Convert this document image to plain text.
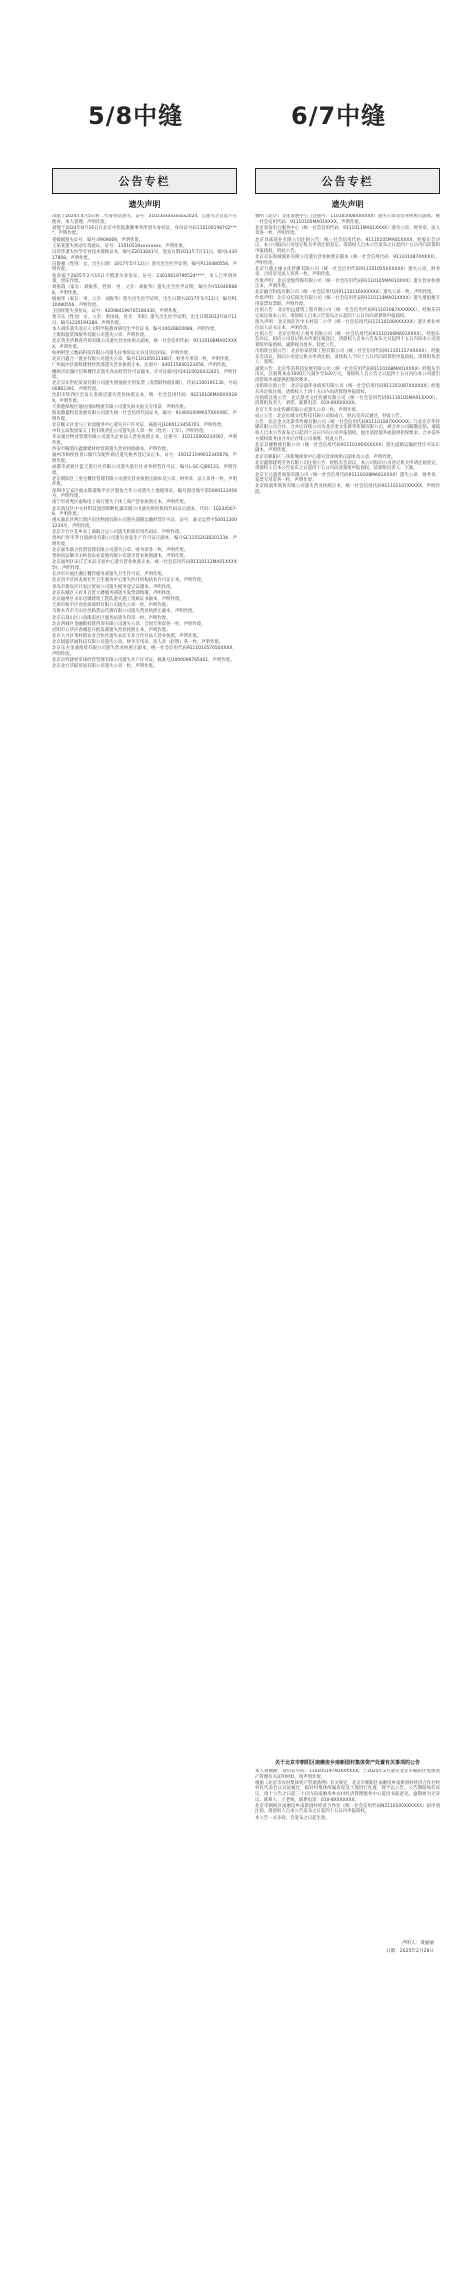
5/8中缝	6/7中缝
公告专栏
遗失声明

田晶于2024年4月5日将二代身份证遗失，证号：310230xxxxxxxx2024，自遗失之日起不在使用，本人管理，声明作废。

刘建于2024年8月16日在北京中医院康顺事务所遗失身份证，身份证号码110106198702****，声明作废。

姜媛媛遗失证号：编号:0909069，声明作废。

王某某遗失机动车驾驶证，证号：11010519xxxxxxxx，声明作废。

冯伟华遗失医学专业技术资格证书，编号Z2013041号，签发日期2013年7月11日，编号L43017808，声明作废。

冯俊强（性别：女，出生日期：2017年5月12日）遗失出生医学证明，编号P110480556，声明作废。

张春霞于2025年2月15日不慎遗失身份证，证号：23010619790524****，本人已申请补领，原证作废。

刘振霞（家长：刘振伟，性别：男，父亲：刘振华）遗失出生医学证明，编号为Y110406888，声明作废。

杨丽华（家长：男，父亲：刘振华）遗失出生医学证明，出生日期为2017年5月12日，编号P110480556，声明作废。

王国祥遗失身份证，证号：420984199705184430，声明作废。

黄卫东（性别：女，父亲：黄国成，母亲：李娟）遗失出生医学证明，出生日期2012年8月11日，编号L230194384，声明作废。

本人胡洋遗失北京人文科学院教育研究生学位证书，编号10028820088，声明作废。

上海海盈装饰服务有限公司遗失公章，声明作废。

北京英杰华教育咨询有限公司遗失营业执照正副本，统一社会信用代码：91110108MA01XXXX，声明作废。

杭州阿里云数码科技有限公司遗失民事诉讼文书及送达回证，声明作废。

北京百鑫合一置业有限公司遗失公章，编号1101050313867，财务专用章一枚，声明作废。

广州南沙区新辉建材经营部遗失营业执照正本，注册号：440115600123456，声明作废。

郴州市北湖区信和餐饮店遗失食品经营许可证副本，许可证编号JY24310020432421，声明作废。

北京京东世纪贸易有限公司遗失增值税专用发票（发票联和抵扣联），代码1100191130，号码00862391，声明作废。

沈阳市铁西区宏发五金商店遗失营业执照正本，统一社会信用代码：92210106MA0XXX28X，声明作废。

天津港保税区通达国际物流有限公司遗失海关报关专用章，声明作废。

海南鼎盛科技发展有限公司遗失统一社会信用代码证书，编号：91460100MA5TXXXX8C，声明作废。

北京顺义区金马工业园服务中心遗失开户许可证，核准号J1000123456701，声明作废。

中铁五局集团第五工程有限责任公司遗失法人章一枚（姓名：王军），声明作废。

华安福达物业管理有限公司遗失企业法人营业执照正本，注册号：310115000234567，声明作废。

西安市雁塔区鑫源建材经营部遗失营业执照副本，声明作废。

福州市闽侯县青口镇汽车配件商店遗失税务登记证正本，证号：350121199012345678，声明作废。

成都市武侯区蓝天旅行社有限公司遗失旅行社业务经营许可证，编号L-SC-CJ00123，声明作废。

北京朝阳区三里屯餐饮管理有限公司遗失营业执照正副本及公章、财务章、法人章各一枚，声明作废。

深圳市宝安区福永街道和平社区股份合作公司遗失土地使用证，编号深房地字第5000123456号，声明作废。

南宁市青秀区嘉和电子商行遗失个体工商户营业执照正本，声明作废。

北京海淀区中关村科技园创新孵化器有限公司遗失组织机构代码证正副本，代码：10234567-8，声明作废。

重庆渝北区两江新区信达物流有限公司遗失道路运输经营许可证，证号：渝交运管字500112001234号，声明作废。

北京丰台区花乡农工商联合总公司遗失机构信用代码证，声明作废。

贵州仁怀市茅台镇酒业有限公司遗失食品生产许可证正副本，编号SC11552038201234，声明作废。

北京嘉华联合投资管理有限公司遗失公章、财务章各一枚，声明作废。

贵州省安顺市关岭县农业发展有限公司遗失营业执照副本，声明作废。

北京通州区宋庄艺术品交易中心遗失营业执照正本，统一社会信用代码91110112MA01XXXX5Y，声明作废。

长沙市开福区湘江餐饮服务部遗失卫生许可证，声明作废。

北京昌平区回龙观社区卫生服务中心遗失医疗机构执业许可证正本，声明作废。

青岛市黄岛区开发区贸易公司遗失税务登记证副本，声明作废。

北京东城区王府井百货大楼服务部遗失发票领购簿，声明作废。

北京通州区永乐店镇建筑工程队遗失施工资质证书副本，声明作废。

天津市和平区劝业场商贸有限公司遗失公章一枚，声明作废。

乌鲁木齐市天山区丝路货运代理有限公司遗失营业执照正副本，声明作废。

北京石景山区八角街道社区服务站遗失印章一枚，声明作废。

北京西城区金融街投资咨询有限公司遗失公章、合同专用章各一枚，声明作废。

昆明市五华区春城花卉批发部遗失营业执照正本，声明作废。

北京大兴区黄村镇农业合作社遗失农民专业合作社法人营业执照，声明作废。

北京国盛华通科技有限公司遗失公章、财务专用章、法人章（赵明）各一枚，声明作废。

北京东方金诚商贸有限公司遗失营业执照正副本，统一社会信用代码911101057650XXXX，声明作废。

北京京西建材市场经营管理有限公司遗失开户许可证，核准号J1000098765401，声明作废。

北京北方华联贸易有限公司遗失公章一枚，声明作废。

公告专栏
遗失声明

雅明（北京）文化发展中心（注册号：110105008XXXXXX）遗失公章及营业执照正副本，统一社会信用代码：91110105MA01XXXX，声明作废。

北京易发电力服务中心（统一社会信用代码：9111011MA01XXXX）遗失公章、财务章、法人章各一枚，声明作废。

北京昇威商业有限公司注销公告：统一社会信用代码：91110105MA01XXXX，经股东会决议，本公司拟向公司登记机关申请注销登记，请债权人自本公告发布之日起四十五日内向清算组申报债权，特此公告。

北京京东海域商业有限公司遗失营业执照正副本（统一社会信用代码：911101087XXXXX），声明作废。

北京九鼎之缘文化传播有限公司（统一社会信用代码911101055XXXXXX）遗失公章、财务章、合同章及法人章各一枚，声明作废。

作废声明：北京金悦传媒有限公司（统一社会信用代码91110105MA01XXXX）遗失营业执照正本，声明作废。

北京融合科技有限公司（统一社会信用代码91110116XXXXXX）遗失公章一枚，声明作废。

作废声明：北京众信阳光有限公司（统一社会信用代码91110114MA01XXXX）遗失增值税专用发票发票联，声明作废。

注销公告：北京恒远建筑工程有限公司（统一社会信用代码911101087XXXXXX），经股东决定拟注销本公司，请债权人自本公告发布之日起四十五日内向清算组申报债权。

遗失声明：北京海淀区中关村第二小学（统一社会信用代码12110108XXXXXX）遗失事业单位法人证书正本，声明作废。

注销公告：北京京铁电子商务有限公司（统一社会信用代码91110106MA01XXXX），经股东会决议，拟向公司登记机关申请注销登记，请债权人自本公告发布之日起四十五日内向本公司清算组申报债权，逾期视为放弃。特此公告。

吊销转注销公告：北京恒泰装饰工程有限公司（统一社会信用代码911101157XXXXX），经股东会决议，拟向公司登记机关申请注销，请债权人于四十五日内向清算组申报债权。清算组负责人：张明。

减资公告：北京华美科技发展有限公司（统一社会信用代码91110108MA01XXXX）经股东会决议，注册资本由1000万元减少至100万元，请债权人自公告之日起四十五日内向本公司提出清偿债务或提供担保的要求。

吊销转注销公告：北京安盛伟业商贸有限公司（统一社会信用代码911101087XXXXXX）经股东决定拟注销，请债权人于四十五日内向清算组申报债权。

吊销转注销公告：北京晨光文化传播有限公司（统一社会信用代码91110105MA01XXXX），清算组负责人：刘伟，联系电话：010-8XXXXXXX。

北京天华文化传播有限公司遗失公章一枚，声明作废。

成立公告：北京长城文化科技有限公司拟成立，股东会决议通过，特此公告。

公告：北京金文化新华传媒有限公司（统一社会信用代码911101087XXXXXX）与北京京华传媒有限公司合并，合并后存续公司为北京金文化新华传媒有限公司，被合并公司解散注销。请债权人自本公告发布之日起四十五日内向公司申报债权，提出清偿债务或提供担保要求。合并前各方债权债务由合并后存续公司承继。特此公告。

北京京城物流有限公司（统一社会信用代码91110106XXXXXX）遗失道路运输经营许可证正副本，声明作废。

北京市朝阳区三环新城商贸中心遗失营业执照正副本及公章，声明作废。

北京鑫源建筑劳务有限公司注销公告：经股东会决议，本公司拟向公司登记机关申请注销登记，请债权人自本公告发布之日起四十五日内向清算组申报债权。清算组负责人：王强。

北京天元盛世商贸有限公司（统一社会信用代码91110108MA01XXXX）遗失公章、财务章、发票专用章各一枚，声明作废。

北京海润华商贸有限公司遗失营业执照正本，统一社会信用代码911101147XXXXX，声明作废。

关于北京市朝阳区南磨房乡南新园村集体资产处置有关事项的公告

本人黄丽丽，身份证号码：110105197X0XXXXXX，于2025年2月遗失北京市朝阳区集体资产管理有关证明材料，现声明作废。

根据《北京市农村集体资产管理条例》有关规定，北京市朝阳区南磨房乡南新园村经济合作社经村民代表会议讨论通过，拟对村集体所属房屋及土地进行处置，现予以公告。公告期间如有异议，请于公告之日起三十日内向南磨房乡农村经济管理服务中心提出书面意见。逾期视为无异议。联系人：王老师，联系电话：010-8XXXXXXX。

北京市朝阳区南磨房乡南新园村经济合作社（统一社会信用代码N2110105XXXXXX）拟申请注销，请债权人自本公告发布之日起四十五日内申报债权。

本公告一式多份，自发布之日起生效。

声明人：黄丽丽
日期：2025年2月28日
